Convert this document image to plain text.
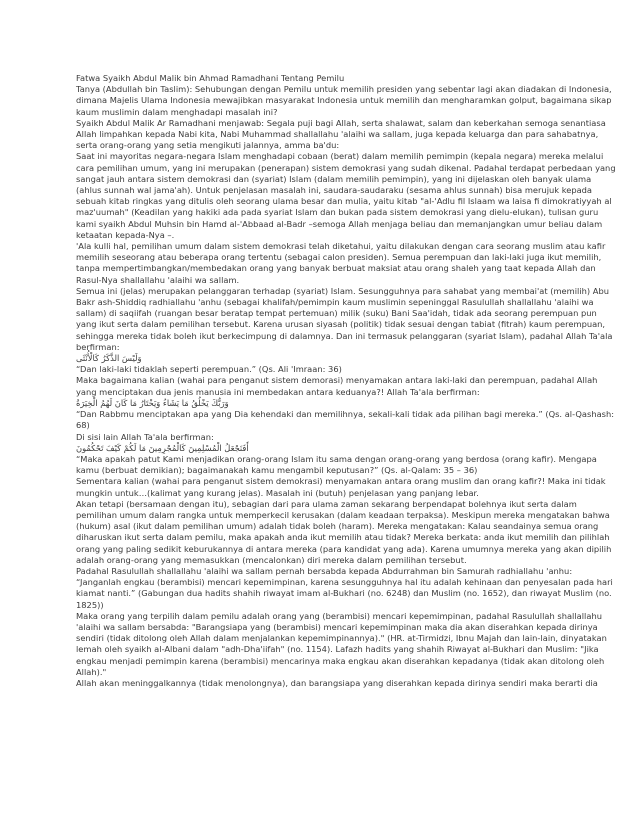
Fatwa Syaikh Abdul Malik bin Ahmad Ramadhani Tentang Pemilu

Tanya (Abdullah bin Taslim): Sehubungan dengan Pemilu untuk memilih presiden yang sebentar lagi akan diadakan di Indonesia, dimana Majelis Ulama Indonesia mewajibkan masyarakat Indonesia untuk memilih dan mengharamkan golput, bagaimana sikap kaum muslimin dalam menghadapi masalah ini?

Syaikh Abdul Malik Ar Ramadhani menjawab: Segala puji bagi Allah, serta shalawat, salam dan keberkahan semoga senantiasa Allah limpahkan kepada Nabi kita, Nabi Muhammad shallallahu 'alaihi wa sallam, juga kepada keluarga dan para sahabatnya, serta orang-orang yang setia mengikuti jalannya, amma ba'du:

Saat ini mayoritas negara-negara Islam menghadapi cobaan (berat) dalam memilih pemimpin (kepala negara) mereka melalui cara pemilihan umum, yang ini merupakan (penerapan) sistem demokrasi yang sudah dikenal. Padahal terdapat perbedaan yang sangat jauh antara sistem demokrasi dan (syariat) Islam (dalam memilih pemimpin), yang ini dijelaskan oleh banyak ulama (ahlus sunnah wal jama'ah). Untuk penjelasan masalah ini, saudara-saudaraku (sesama ahlus sunnah) bisa merujuk kepada sebuah kitab ringkas yang ditulis oleh seorang ulama besar dan mulia, yaitu kitab "al-'Adlu fil Islaam wa laisa fi dimokratiyyah al maz'uumah" (Keadilan yang hakiki ada pada syariat Islam dan bukan pada sistem demokrasi yang dielu-elukan), tulisan guru kami syaikh Abdul Muhsin bin Hamd al-'Abbaad al-Badr –semoga Allah menjaga beliau dan memanjangkan umur beliau dalam ketaatan kepada-Nya –.

'Ala kulli hal, pemilihan umum dalam sistem demokrasi telah diketahui, yaitu dilakukan dengan cara seorang muslim atau kafir memilih seseorang atau beberapa orang tertentu (sebagai calon presiden). Semua perempuan dan laki-laki juga ikut memilih, tanpa mempertimbangkan/membedakan orang yang banyak berbuat maksiat atau orang shaleh yang taat kepada Allah dan Rasul-Nya shallallahu 'alaihi wa sallam.

Semua ini (jelas) merupakan pelanggaran terhadap (syariat) Islam. Sesungguhnya para sahabat yang membai'at (memilih) Abu Bakr ash-Shiddiq radhiallahu 'anhu (sebagai khalifah/pemimpin kaum muslimin sepeninggal Rasulullah shallallahu 'alaihi wa sallam) di saqiifah (ruangan besar beratap tempat pertemuan) milik (suku) Bani Saa'idah, tidak ada seorang perempuan pun yang ikut serta dalam pemilihan tersebut. Karena urusan siyasah (politik) tidak sesuai dengan tabiat (fitrah) kaum perempuan, sehingga mereka tidak boleh ikut berkecimpung di dalamnya. Dan ini termasuk pelanggaran (syariat Islam), padahal Allah Ta'ala berfirman:

وَلَيْسَ الذَّكَرُ كَالْأُنْثَى

“Dan laki-laki tidaklah seperti perempuan.” (Qs. Ali 'Imraan: 36)

Maka bagaimana kalian (wahai para penganut sistem demorasi) menyamakan antara laki-laki dan perempuan, padahal Allah yang menciptakan dua jenis manusia ini membedakan antara keduanya?! Allah Ta'ala berfirman:

وَرَبُّكَ يَخْلُقُ مَا يَشَاءُ وَيَخْتَارُ مَا كَانَ لَهُمُ الْخِيَرَةُ

“Dan Rabbmu menciptakan apa yang Dia kehendaki dan memilihnya, sekali-kali tidak ada pilihan bagi mereka.” (Qs. al-Qashash: 68)

Di sisi lain Allah Ta'ala berfirman:

أَفَنَجْعَلُ الْمُسْلِمِينَ كَالْمُجْرِمِينَ مَا لَكُمْ كَيْفَ تَحْكُمُونَ

“Maka apakah patut Kami menjadikan orang-orang Islam itu sama dengan orang-orang yang berdosa (orang kafir). Mengapa kamu (berbuat demikian); bagaimanakah kamu mengambil keputusan?” (Qs. al-Qalam: 35 – 36)

Sementara kalian (wahai para penganut sistem demokrasi) menyamakan antara orang muslim dan orang kafir?! Maka ini tidak mungkin untuk…(kalimat yang kurang jelas). Masalah ini (butuh) penjelasan yang panjang lebar.

Akan tetapi (bersamaan dengan itu), sebagian dari para ulama zaman sekarang berpendapat bolehnya ikut serta dalam pemilihan umum dalam rangka untuk memperkecil kerusakan (dalam keadaan terpaksa). Meskipun mereka mengatakan bahwa (hukum) asal (ikut dalam pemilihan umum) adalah tidak boleh (haram). Mereka mengatakan: Kalau seandainya semua orang diharuskan ikut serta dalam pemilu, maka apakah anda ikut memilih atau tidak? Mereka berkata: anda ikut memilih dan pilihlah orang yang paling sedikit keburukannya di antara mereka (para kandidat yang ada). Karena umumnya mereka yang akan dipilih adalah orang-orang yang memasukkan (mencalonkan) diri mereka dalam pemilihan tersebut.

Padahal Rasulullah shallallahu 'alaihi wa sallam pernah bersabda kepada Abdurrahman bin Samurah radhiallahu 'anhu: “Janganlah engkau (berambisi) mencari kepemimpinan, karena sesungguhnya hal itu adalah kehinaan dan penyesalan pada hari kiamat nanti.” (Gabungan dua hadits shahih riwayat imam al-Bukhari (no. 6248) dan Muslim (no. 1652), dan riwayat Muslim (no. 1825))

Maka orang yang terpilih dalam pemilu adalah orang yang (berambisi) mencari kepemimpinan, padahal Rasulullah shallallahu 'alaihi wa sallam bersabda: "Barangsiapa yang (berambisi) mencari kepemimpinan maka dia akan diserahkan kepada dirinya sendiri (tidak ditolong oleh Allah dalam menjalankan kepemimpinannya)." (HR. at-Tirmidzi, Ibnu Majah dan lain-lain, dinyatakan lemah oleh syaikh al-Albani dalam "adh-Dha'iifah" (no. 1154). Lafazh hadits yang shahih Riwayat al-Bukhari dan Muslim: "Jika engkau menjadi pemimpin karena (berambisi) mencarinya maka engkau akan diserahkan kepadanya (tidak akan ditolong oleh Allah)."

Allah akan meninggalkannya (tidak menolongnya), dan barangsiapa yang diserahkan kepada dirinya sendiri maka berarti dia
